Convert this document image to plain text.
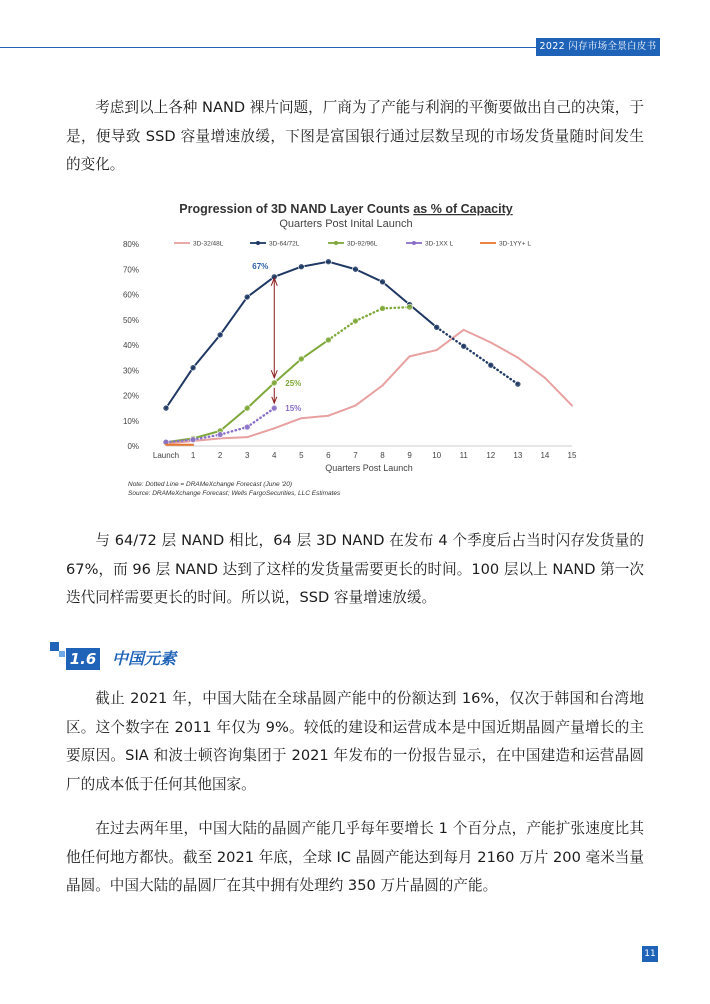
2022 闪存市场全景白皮书

考虑到以上各种 NAND 裸片问题，厂商为了产能与利润的平衡要做出自己的决策，于是，便导致 SSD 容量增速放缓，下图是富国银行通过层数呈现的市场发货量随时间发生的变化。

Progression of 3D NAND Layer Counts as % of Capacity
Quarters Post Inital Launch
3D-32/48L	3D-64/72L	3D-92/96L	3D-1XX L	3D-1YY+ L
0%
10%
20%
30%
40%
50%
60%
70%
80%
Launch 1	2	3	4	5	6	7	8	9	10 11 12 13 14 15
67%
25%
15%
Quarters Post Launch
Note: Dotted Line = DRAMeXchange Forecast (June '20)
Source: DRAMeXchange Forecast; Wells FargoSecurities, LLC Estimates

与 64/72 层 NAND 相比，64 层 3D NAND 在发布 4 个季度后占当时闪存发货量的 67%，而 96 层 NAND 达到了这样的发货量需要更长的时间。100 层以上 NAND 第一次迭代同样需要更长的时间。所以说，SSD 容量增速放缓。

1.6 中国元素

截止 2021 年，中国大陆在全球晶圆产能中的份额达到 16%，仅次于韩国和台湾地区。这个数字在 2011 年仅为 9%。较低的建设和运营成本是中国近期晶圆产量增长的主要原因。SIA 和波士顿咨询集团于 2021 年发布的一份报告显示，在中国建造和运营晶圆厂的成本低于任何其他国家。

在过去两年里，中国大陆的晶圆产能几乎每年要增长 1 个百分点，产能扩张速度比其他任何地方都快。截至 2021 年底，全球 IC 晶圆产能达到每月 2160 万片 200 毫米当量晶圆。中国大陆的晶圆厂在其中拥有处理约 350 万片晶圆的产能。

11
